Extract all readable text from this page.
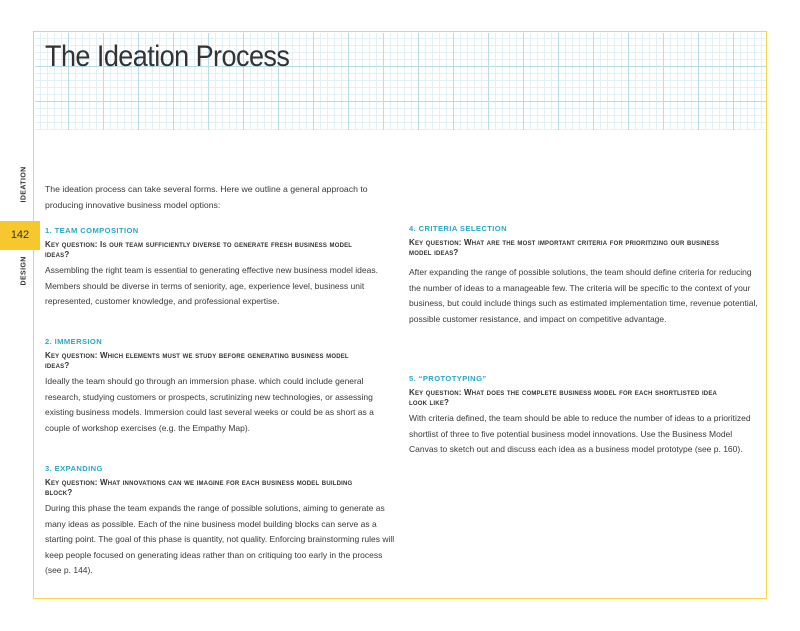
The Ideation Process
IDEATION
142
DESIGN

The ideation process can take several forms. Here we outline a general approach to producing innovative business model options:

1. TEAM COMPOSITION

Key question: Is our team sufficiently diverse to generate fresh business model ideas?

Assembling the right team is essential to generating effective new business model ideas. Members should be diverse in terms of seniority, age, experience level, business unit represented, customer knowledge, and professional expertise.

2. IMMERSION

Key question: Which elements must we study before generating business model ideas?

Ideally the team should go through an immersion phase. which could include general research, studying customers or prospects, scrutinizing new technologies, or assessing existing business models. Immersion could last several weeks or could be as short as a couple of workshop exercises (e.g. the Empathy Map).

3. EXPANDING

Key question: What innovations can we imagine for each business model building block?

During this phase the team expands the range of possible solutions, aiming to generate as many ideas as possible. Each of the nine business model building blocks can serve as a starting point. The goal of this phase is quantity, not quality. Enforcing brainstorming rules will keep people focused on generating ideas rather than on critiquing too early in the process (see p. 144).

4. CRITERIA SELECTION

Key question: What are the most important criteria for prioritizing our business model ideas?

After expanding the range of possible solutions, the team should define criteria for reducing the number of ideas to a manageable few. The criteria will be specific to the context of your business, but could include things such as estimated implementation time, revenue potential, possible customer resistance, and impact on competitive advantage.

5. “PROTOTYPING”

Key question: What does the complete business model for each shortlisted idea look like?

With criteria defined, the team should be able to reduce the number of ideas to a prioritized shortlist of three to five potential business model innovations. Use the Business Model Canvas to sketch out and discuss each idea as a business model prototype (see p. 160).
